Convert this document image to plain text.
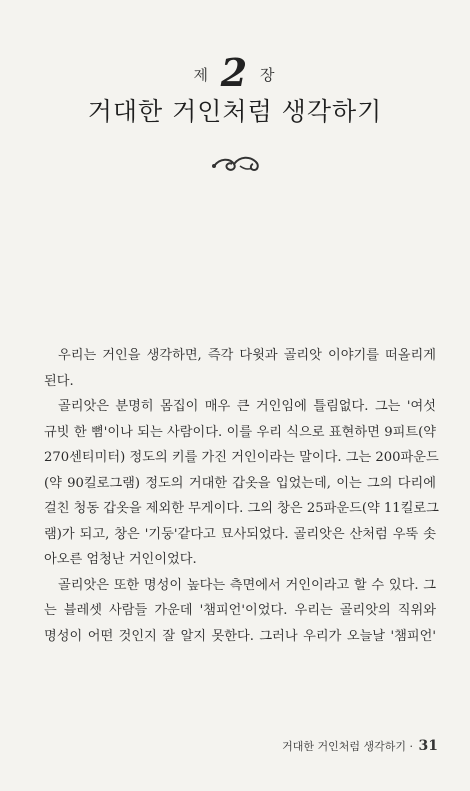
제 2 장
거대한 거인처럼 생각하기
우리는 거인을 생각하면, 즉각 다윗과 골리앗 이야기를 떠올리게
된다.
골리앗은 분명히 몸집이 매우 큰 거인임에 틀림없다. 그는 '여섯
규빗 한 뼘'이나 되는 사람이다. 이를 우리 식으로 표현하면 9피트(약
270센티미터) 정도의 키를 가진 거인이라는 말이다. 그는 200파운드
(약 90킬로그램) 정도의 거대한 갑옷을 입었는데, 이는 그의 다리에
걸친 청동 갑옷을 제외한 무게이다. 그의 창은 25파운드(약 11킬로그
램)가 되고, 창은 '기둥'같다고 묘사되었다. 골리앗은 산처럼 우뚝 솟
아오른 엄청난 거인이었다.
골리앗은 또한 명성이 높다는 측면에서 거인이라고 할 수 있다. 그
는 블레셋 사람들 가운데 '챔피언'이었다. 우리는 골리앗의 직위와
명성이 어떤 것인지 잘 알지 못한다. 그러나 우리가 오늘날 '챔피언'
거대한 거인처럼 생각하기 · 31
